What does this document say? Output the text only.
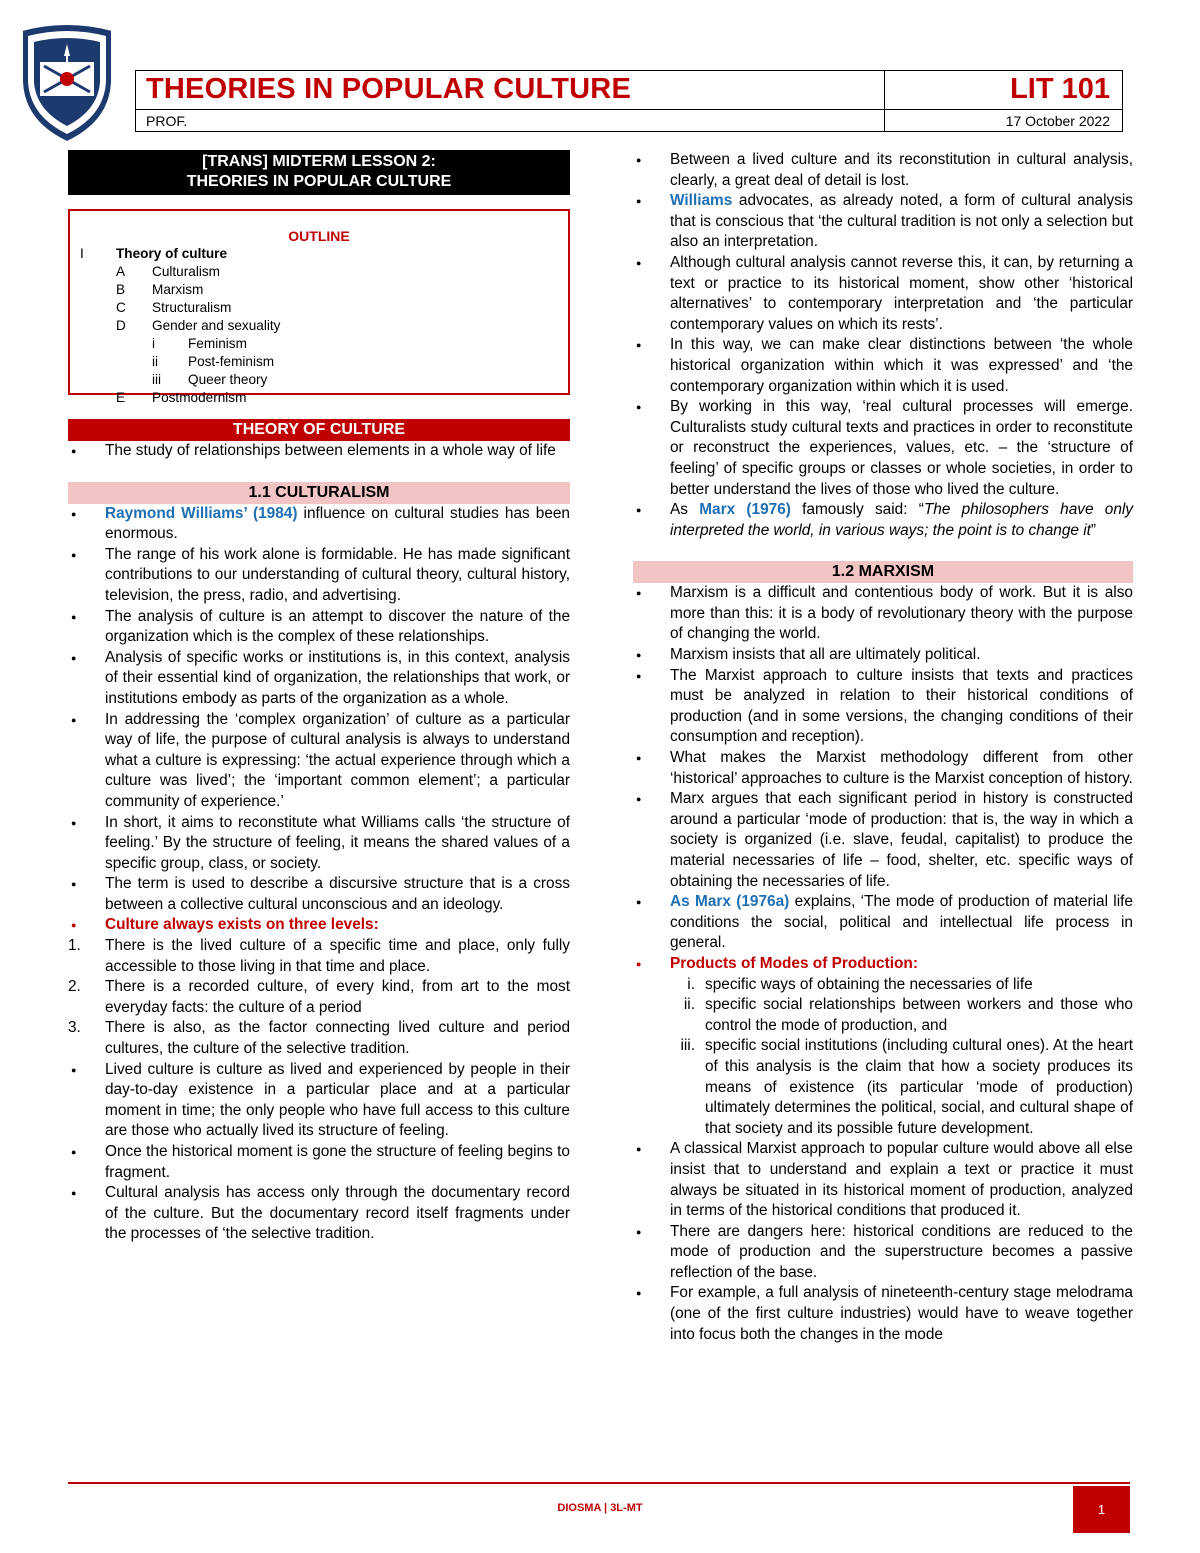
THEORIES IN POPULAR CULTURE	LIT 101
PROF.	17 October 2022
[TRANS] MIDTERM LESSON 2:
THEORIES IN POPULAR CULTURE
OUTLINE
I Theory of culture
A Culturalism
B Marxism
C Structuralism
D Gender and sexuality
i Feminism
ii Post-feminism
iii Queer theory
E Postmodernism
THEORY OF CULTURE
● The study of relationships between elements in a whole way of life
1.1 CULTURALISM
● Raymond Williams’ (1984) influence on cultural studies has been enormous.
● The range of his work alone is formidable. He has made significant contributions to our understanding of cultural theory, cultural history, television, the press, radio, and advertising.
● The analysis of culture is an attempt to discover the nature of the organization which is the complex of these relationships.
● Analysis of specific works or institutions is, in this context, analysis of their essential kind of organization, the relationships that work, or institutions embody as parts of the organization as a whole.
● In addressing the ‘complex organization’ of culture as a particular way of life, the purpose of cultural analysis is always to understand what a culture is expressing: ‘the actual experience through which a culture was lived’; the ‘important common element’; a particular community of experience.’
● In short, it aims to reconstitute what Williams calls ‘the structure of feeling.’ By the structure of feeling, it means the shared values of a specific group, class, or society.
● The term is used to describe a discursive structure that is a cross between a collective cultural unconscious and an ideology.
● Culture always exists on three levels:
1.	There is the lived culture of a specific time and place, only fully accessible to those living in that time and place.
2.	There is a recorded culture, of every kind, from art to the most everyday facts: the culture of a period
3.	There is also, as the factor connecting lived culture and period cultures, the culture of the selective tradition.
● Lived culture is culture as lived and experienced by people in their day-to-day existence in a particular place and at a particular moment in time; the only people who have full access to this culture are those who actually lived its structure of feeling.
● Once the historical moment is gone the structure of feeling begins to fragment.
● Cultural analysis has access only through the documentary record of the culture. But the documentary record itself fragments under the processes of ‘the selective tradition.
● Between a lived culture and its reconstitution in cultural analysis, clearly, a great deal of detail is lost.
● Williams advocates, as already noted, a form of cultural analysis that is conscious that ‘the cultural tradition is not only a selection but also an interpretation.
● Although cultural analysis cannot reverse this, it can, by returning a text or practice to its historical moment, show other ‘historical alternatives’ to contemporary interpretation and ‘the particular contemporary values on which its rests’.
● In this way, we can make clear distinctions between ‘the whole historical organization within which it was expressed’ and ‘the contemporary organization within which it is used.
● By working in this way, ‘real cultural processes will emerge. Culturalists study cultural texts and practices in order to reconstitute or reconstruct the experiences, values, etc. – the ‘structure of feeling’ of specific groups or classes or whole societies, in order to better understand the lives of those who lived the culture.
● As Marx (1976) famously said: “The philosophers have only interpreted the world, in various ways; the point is to change it”
1.2 MARXISM
● Marxism is a difficult and contentious body of work. But it is also more than this: it is a body of revolutionary theory with the purpose of changing the world.
● Marxism insists that all are ultimately political.
● The Marxist approach to culture insists that texts and practices must be analyzed in relation to their historical conditions of production (and in some versions, the changing conditions of their consumption and reception).
● What makes the Marxist methodology different from other ‘historical’ approaches to culture is the Marxist conception of history.
● Marx argues that each significant period in history is constructed around a particular ‘mode of production: that is, the way in which a society is organized (i.e. slave, feudal, capitalist) to produce the material necessaries of life – food, shelter, etc. specific ways of obtaining the necessaries of life.
● As Marx (1976a) explains, ‘The mode of production of material life conditions the social, political and intellectual life process in general.
● Products of Modes of Production:
i. specific ways of obtaining the necessaries of life
ii. specific social relationships between workers and those who control the mode of production, and
iii. specific social institutions (including cultural ones). At the heart of this analysis is the claim that how a society produces its means of existence (its particular ‘mode of production) ultimately determines the political, social, and cultural shape of that society and its possible future development.
● A classical Marxist approach to popular culture would above all else insist that to understand and explain a text or practice it must always be situated in its historical moment of production, analyzed in terms of the historical conditions that produced it.
● There are dangers here: historical conditions are reduced to the mode of production and the superstructure becomes a passive reflection of the base.
● For example, a full analysis of nineteenth-century stage melodrama (one of the first culture industries) would have to weave together into focus both the changes in the mode
DIOSMA | 3L-MT	1
